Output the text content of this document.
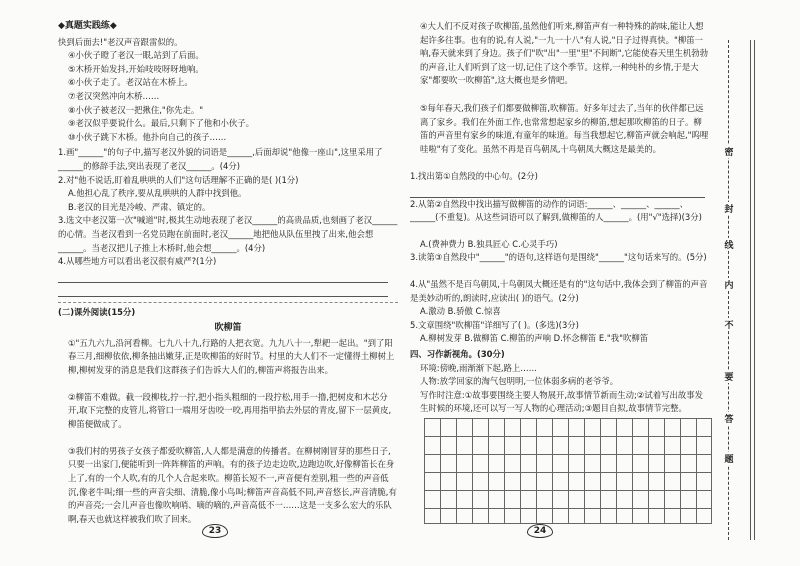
◆真题实践练◆
快到后面去!"老汉声音跟雷似的。
④小伙子瞪了老汉一眼,站到了后面。
⑤木桥开始发抖,开始吱吱呀呀地响。
⑥小伙子走了。老汉站在木桥上。
⑦老汉突然冲向木桥……
⑧小伙子被老汉一把揪住,"你先走。"
⑨老汉似乎要说什么。最后,只剩下了他和小伙子。
⑩小伙子跳下木桥。他扑向自己的孩子……
1.画"______"的句子中,描写老汉外貌的词语是______,后面却说"他像一座山",这里采用了______的修辞手法,突出表现了老汉______。(4分)
2.对"他不说话,盯着乱哄哄的人们"这句话理解不正确的是( )(1分)
A.他担心乱了秩序,要从乱哄哄的人群中找到他。
B.老汉的目光是冷峻、严肃、镇定的。
3.选文中老汉第一次"喊道"时,极其生动地表现了老汉______的高贵品质,也刻画了老汉______的心情。当老汉看到一名党员跑在前面时,老汉______地把他从队伍里拽了出来,他会想______。当老汉把儿子推上木桥时,他会想______。(4分)
4.从哪些地方可以看出老汉很有威严?(1分)
(二)课外阅读(15分)
吹柳笛
①"五九六九,沿河看柳。七九八十九,行路的人把衣宽。九九八十一,犁耙一起出。"到了阳春三月,细柳依依,柳条抽出嫩芽,正是吹柳笛的好时节。村里的大人们不一定懂得土柳树上柳,柳树发芽的消息是我们这群孩子们告诉大人们的,柳笛声将报告出来。
②柳笛不难做。截一段柳枝,拧一拧,把小指头粗细的一段拧松,用手一撸,把树皮和木芯分开,取下完整的皮管儿,将管口一端用牙齿咬一咬,再用指甲掐去外层的青皮,留下一层黄皮,柳笛便做成了。
③我们村的男孩子女孩子都爱吹柳笛,人人都是满意的传播者。在柳树刚冒芽的那些日子,只要一出家门,便能听到一阵阵柳笛的声响。有的孩子边走边吹,边跑边吹,好像柳笛长在身上了,有的一个人吹,有的几个人合起来吹。柳笛长短不一,声音便有差别,粗一些的声音低沉,像老牛叫;细一些的声音尖细、清脆,像小鸟叫;柳笛声音高低不同,声音悠长,声音清脆,有的声音亮;一会儿声音也像吹响哨、嘀的嘀的,声音高低不一……这是一支多么宏大的乐队啊,春天也就这样被我们吹了回来。
23
④大人们不反对孩子吹柳笛,虽然他们听来,柳笛声有一种特殊的韵味,能让人想起许多往事。也有的说,有人说,"一九一十八"有人说,"日子过得真快。"柳笛一响,春天就来到了身边。孩子们"吹"出"一里"里"不间断",它能使春天里生机勃勃的声音,让人们听到了这一切,记住了这个季节。这样,一种纯朴的乡情,于是大家"都要吹一吹柳笛",这大概也是乡情吧。
⑤每年春天,我们孩子们都要做柳笛,吹柳笛。好多年过去了,当年的伙伴都已远离了家乡。我们在外面工作,也常常想起家乡的柳笛,想起那吹柳笛的日子。柳笛的声音里有家乡的味道,有童年的味道。每当我想起它,柳笛声就会响起,"呜哩哇啦"有了变化。虽然不再是百鸟朝凤,十鸟朝凤大概这是最美的。
1.找出第①自然段的中心句。(2分)
2.从第②自然段中找出描写做柳笛的动作的词语:______、______、______、______(不重复)。从这些词语可以了解到,做柳笛的人______。(用"√"选择)(3分)
A.(费神费力 B.独具匠心 C.心灵手巧)
3.读第③自然段中"______"的语句,这样语句是围绕"______"这句话来写的。(5分)
4.从"虽然不是百鸟朝凤,十鸟朝凤大概还是有的"这句话中,我体会到了柳笛的声音是美妙动听的,朗读时,应读出( )的语气。(2分)
A.激动 B.骄傲 C.惊喜
5.文章围绕"吹柳笛"详细写了( )。(多选)(3分)
A.柳树发芽 B.做柳笛 C.柳笛的声响 D.怀念柳笛 E."我"吹柳笛
四、习作新视角。(30分)
环境:傍晚,雨渐渐下起,路上……
人物:放学回家的淘气包明明,一位体弱多病的老爷爷。
写作时注意:①故事要围绕主要人物展开,故事情节新而生动;②试着写出故事发生时候的环境,还可以写一写人物的心理活动;③题目自拟,故事情节完整。
24
密
封
线
内
不
要
答
题
